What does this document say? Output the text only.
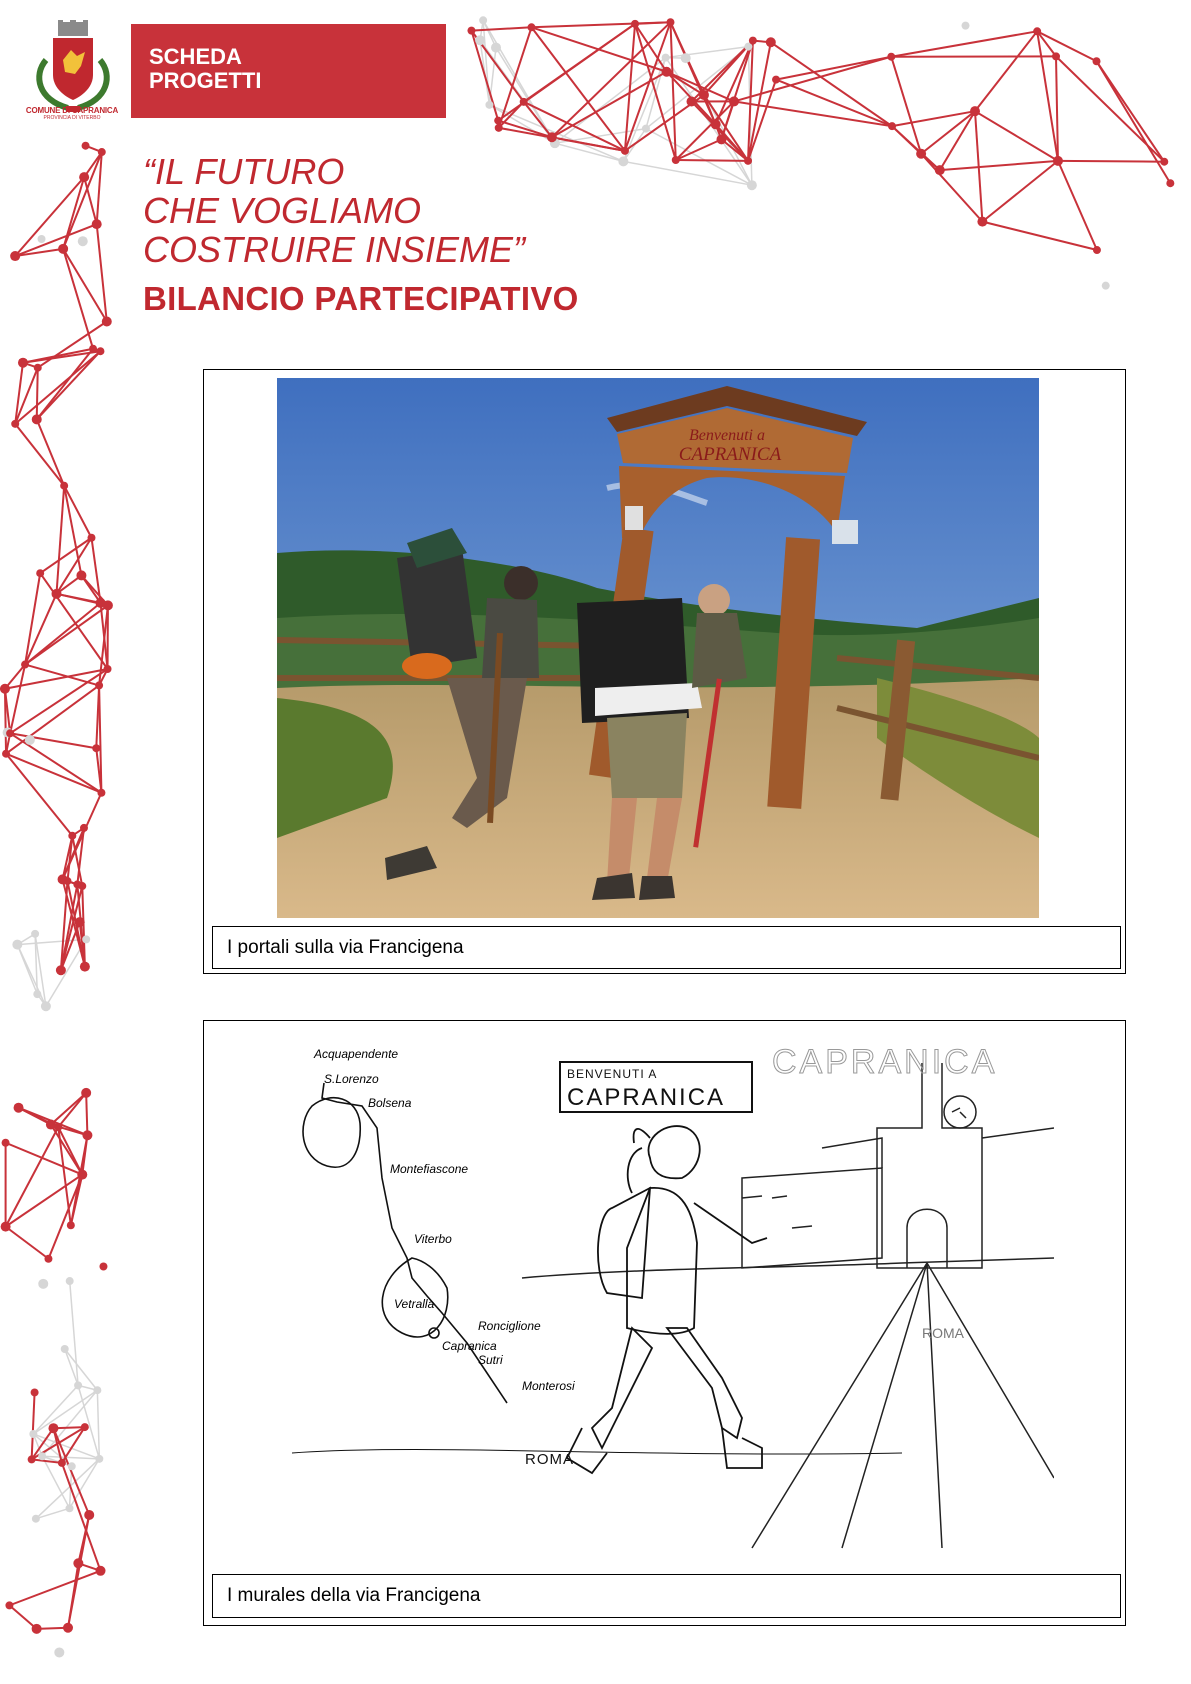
COMUNE DI CAPRANICA
PROVINCIA DI VITERBO
SCHEDA
PROGETTI
“IL FUTURO
CHE VOGLIAMO
COSTRUIRE INSIEME”
BILANCIO PARTECIPATIVO
Benvenuti a
CAPRANICA
I portali sulla via Francigena
Acquapendente
S.Lorenzo
Bolsena
Montefiascone
Viterbo
Vetralla
Ronciglione
Capranica
Sutri
Monterosi
ROMA
BENVENUTI A
CAPRANICA
CAPRANICA
ROMA
I murales della via Francigena
